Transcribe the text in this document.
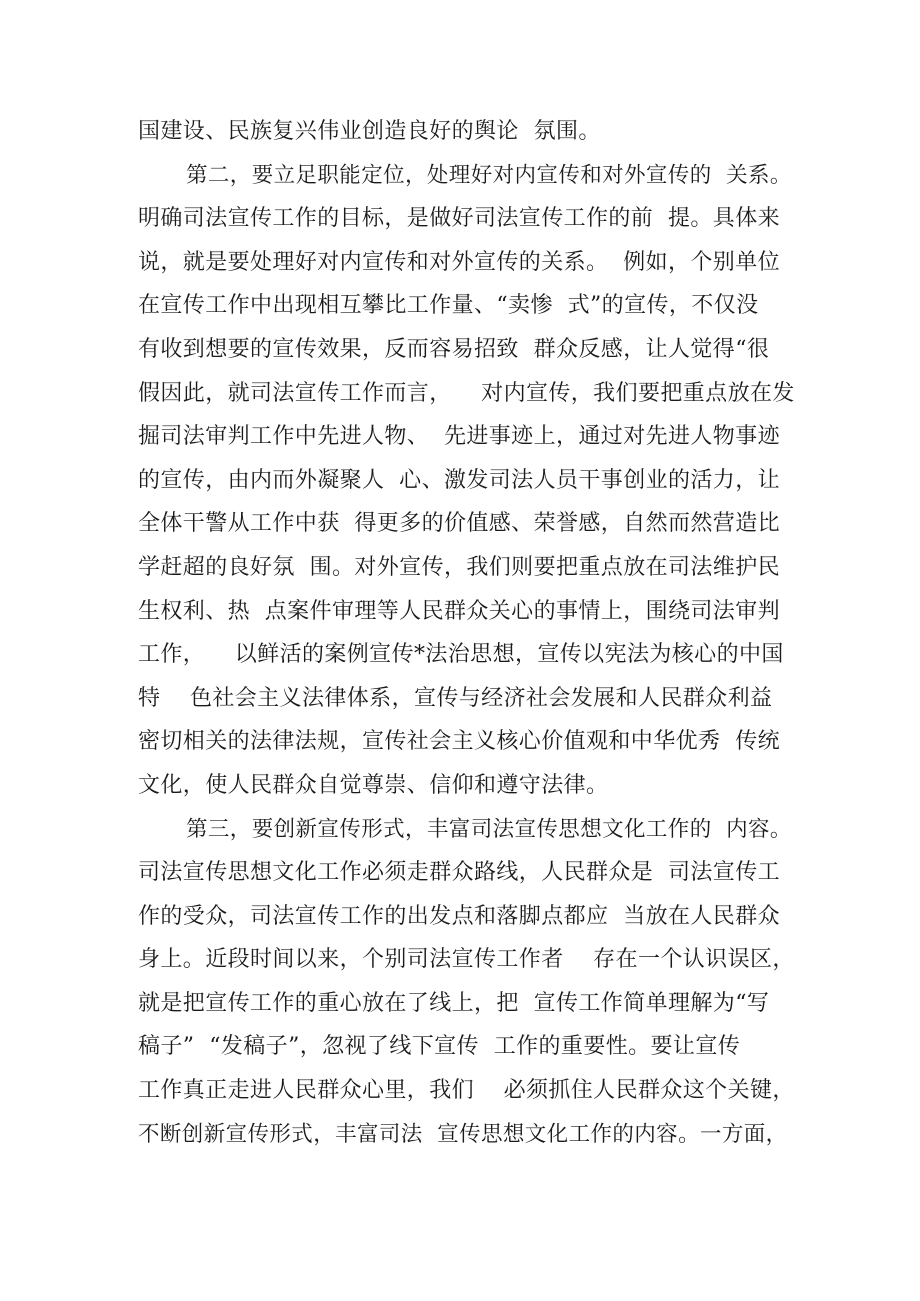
国建设、民族复兴伟业创造良好的舆论  氛围。
第二，要立足职能定位，处理好对内宣传和对外宣传的  关系。
明确司法宣传工作的目标，是做好司法宣传工作的前  提。具体来
说，就是要处理好对内宣传和对外宣传的关系。  例如，个别单位
在宣传工作中出现相互攀比工作量、“卖惨  式”的宣传，不仅没
有收到想要的宣传效果，反而容易招致  群众反感，让人觉得“很
假因此，就司法宣传工作而言，    对内宣传，我们要把重点放在发
掘司法审判工作中先进人物、  先进事迹上，通过对先进人物事迹
的宣传，由内而外凝聚人  心、激发司法人员干事创业的活力，让
全体干警从工作中获  得更多的价值感、荣誉感，自然而然营造比
学赶超的良好氛  围。对外宣传，我们则要把重点放在司法维护民
生权利、热  点案件审理等人民群众关心的事情上，围绕司法审判
工作，    以鲜活的案例宣传*法治思想，宣传以宪法为核心的中国
特    色社会主义法律体系，宣传与经济社会发展和人民群众利益
密切相关的法律法规，宣传社会主义核心价值观和中华优秀  传统
文化，使人民群众自觉尊崇、信仰和遵守法律。
第三，要创新宣传形式，丰富司法宣传思想文化工作的  内容。
司法宣传思想文化工作必须走群众路线，人民群众是  司法宣传工
作的受众，司法宣传工作的出发点和落脚点都应  当放在人民群众
身上。近段时间以来，个别司法宣传工作者    存在一个认识误区，
就是把宣传工作的重心放在了线上，把  宣传工作简单理解为“写
稿子”  “发稿子”，忽视了线下宣传  工作的重要性。要让宣传
工作真正走进人民群众心里，我们    必须抓住人民群众这个关键，
不断创新宣传形式，丰富司法  宣传思想文化工作的内容。一方面，
